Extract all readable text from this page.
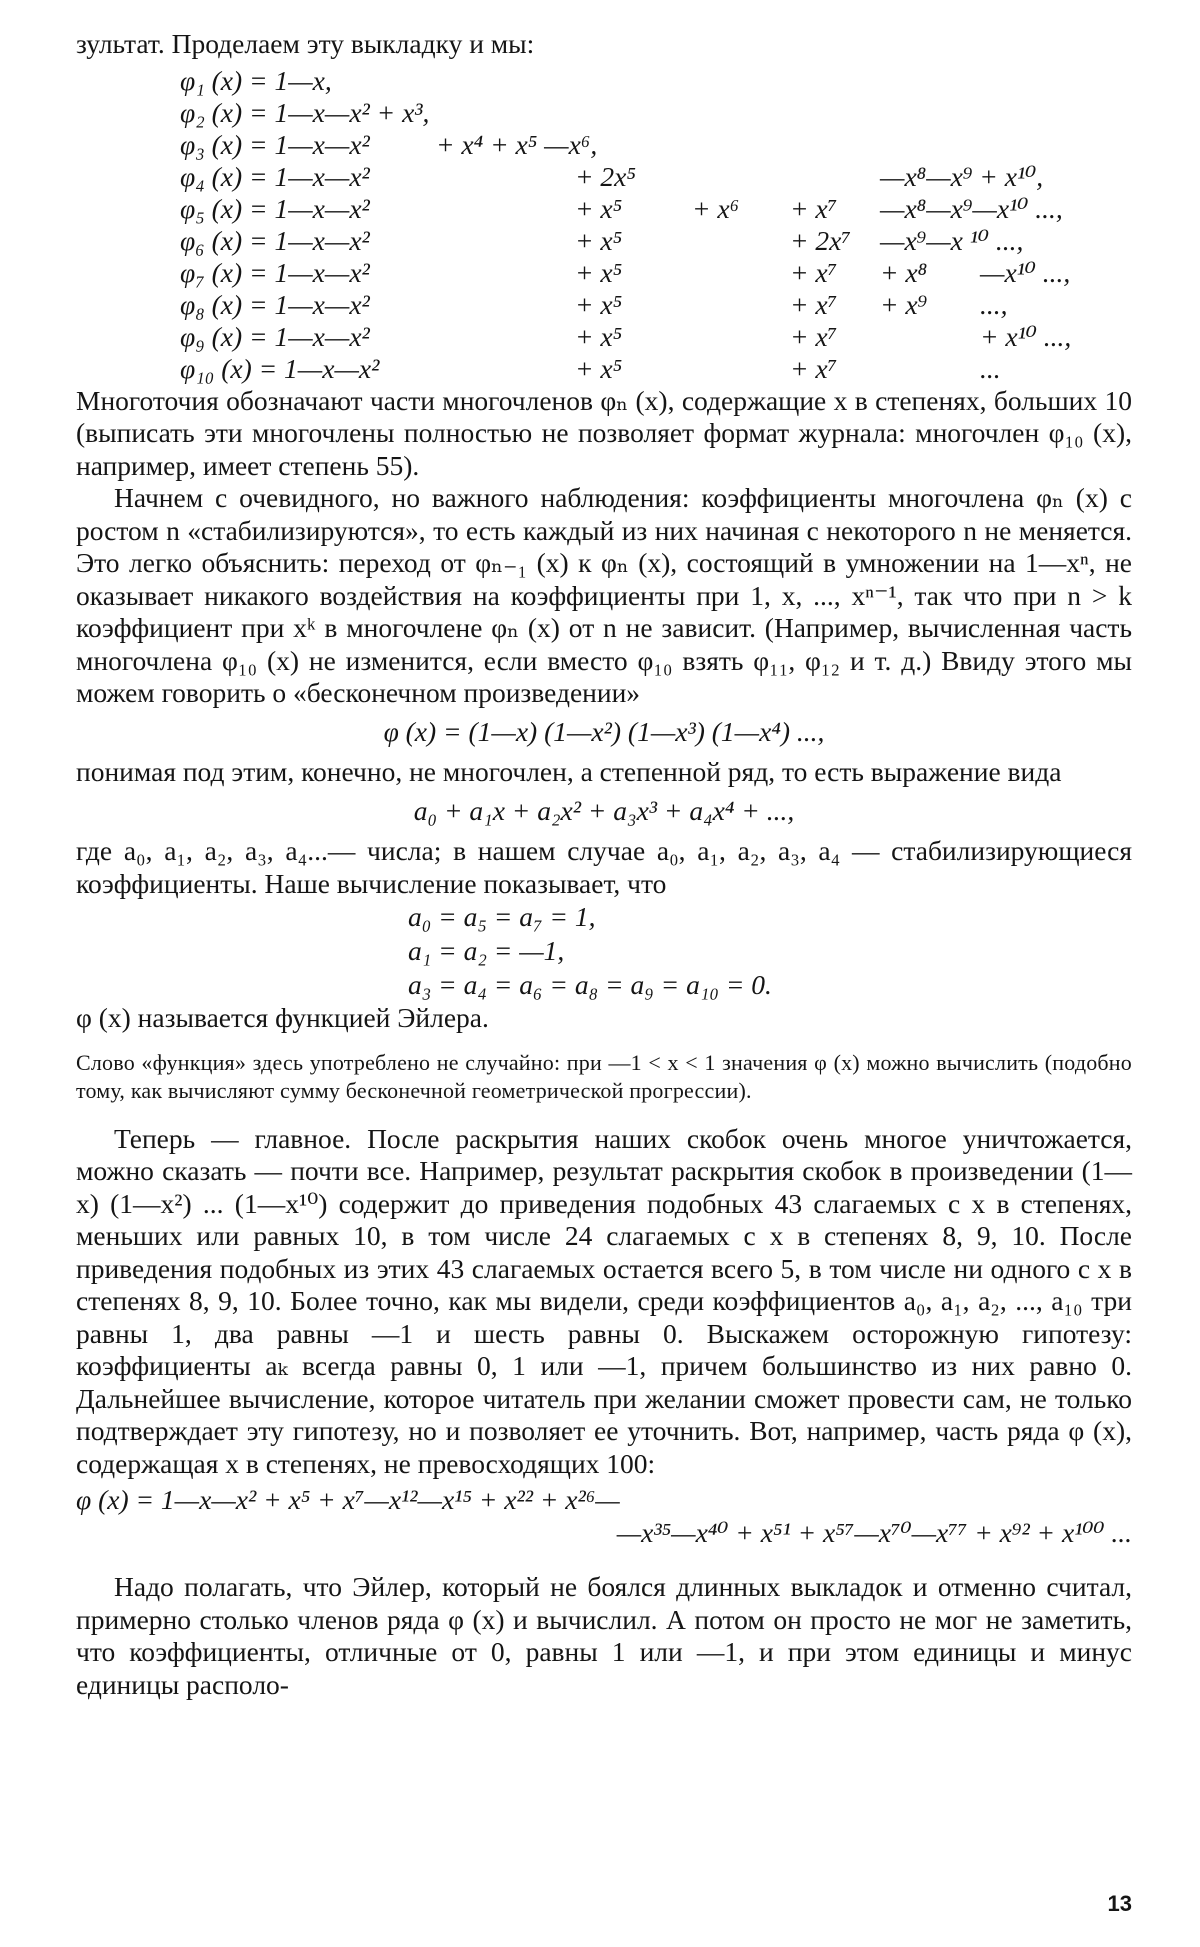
зультат. Проделаем эту выкладку и мы:

φ₁ (x) = 1—x,
φ₂ (x) = 1—x—x² + x³,
φ₃ (x) = 1—x—x² + x⁴ + x⁵ —x⁶,
φ₄ (x) = 1—x—x²	+ 2x⁵	—x⁸—x⁹ + x¹⁰,
φ₅ (x) = 1—x—x²	+ x⁵	+ x⁶ + x⁷ —x⁸—x⁹—x¹⁰ ...,
φ₆ (x) = 1—x—x²	+ x⁵	+ 2x⁷ —x⁹—x ¹⁰ ...,
φ₇ (x) = 1—x—x²	+ x⁵	+ x⁷ + x⁸ —x¹⁰ ...,
φ₈ (x) = 1—x—x²	+ x⁵	+ x⁷ + x⁹ ...,
φ₉ (x) = 1—x—x²	+ x⁵	+ x⁷	+ x¹⁰ ...,
φ₁₀ (x) = 1—x—x²	+ x⁵	+ x⁷	...

Многоточия обозначают части многочленов φₙ (x), содержащие x в степенях, больших 10 (выписать эти многочлены полностью не позволяет формат журнала: многочлен φ₁₀ (x), например, имеет степень 55).

Начнем с очевидного, но важного наблюдения: коэффициенты многочлена φₙ (x) с ростом n «стабилизируются», то есть каждый из них начиная с некоторого n не меняется. Это легко объяснить: переход от φₙ₋₁ (x) к φₙ (x), состоящий в умножении на 1—xⁿ, не оказывает никакого воздействия на коэффициенты при 1, x, ..., xⁿ⁻¹, так что при n > k коэффициент при xᵏ в многочлене φₙ (x) от n не зависит. (Например, вычисленная часть многочлена φ₁₀ (x) не изменится, если вместо φ₁₀ взять φ₁₁, φ₁₂ и т. д.) Ввиду этого мы можем говорить о «бесконечном произведении»

φ (x) = (1—x) (1—x²) (1—x³) (1—x⁴) ...,

понимая под этим, конечно, не многочлен, а степенной ряд, то есть выражение вида

a₀ + a₁x + a₂x² + a₃x³ + a₄x⁴ + ...,

где a₀, a₁, a₂, a₃, a₄...— числа; в нашем случае a₀, a₁, a₂, a₃, a₄ — стабилизирующиеся коэффициенты. Наше вычисление показывает, что

a₀ = a₅ = a₇ = 1,
a₁ = a₂ = —1,
a₃ = a₄ = a₆ = a₈ = a₉ = a₁₀ = 0.

φ (x) называется функцией Эйлера.

Слово «функция» здесь употреблено не случайно: при —1 < x < 1 значения φ (x) можно вычислить (подобно тому, как вычисляют сумму бесконечной геометрической прогрессии).

Теперь — главное. После раскрытия наших скобок очень многое уничтожается, можно сказать — почти все. Например, результат раскрытия скобок в произведении (1—x) (1—x²) ... (1—x¹⁰) содержит до приведения подобных 43 слагаемых с x в степенях, меньших или равных 10, в том числе 24 слагаемых с x в степенях 8, 9, 10. После приведения подобных из этих 43 слагаемых остается всего 5, в том числе ни одного с x в степенях 8, 9, 10. Более точно, как мы видели, среди коэффициентов a₀, a₁, a₂, ..., a₁₀ три равны 1, два равны —1 и шесть равны 0. Выскажем осторожную гипотезу: коэффициенты aₖ всегда равны 0, 1 или —1, причем большинство из них равно 0. Дальнейшее вычисление, которое читатель при желании сможет провести сам, не только подтверждает эту гипотезу, но и позволяет ее уточнить. Вот, например, часть ряда φ (x), содержащая x в степенях, не превосходящих 100:

φ (x) = 1—x—x² + x⁵ + x⁷—x¹²—x¹⁵ + x²² + x²⁶—
—x³⁵—x⁴⁰ + x⁵¹ + x⁵⁷—x⁷⁰—x⁷⁷ + x⁹² + x¹⁰⁰ ...

Надо полагать, что Эйлер, который не боялся длинных выкладок и отменно считал, примерно столько членов ряда φ (x) и вычислил. А потом он просто не мог не заметить, что коэффициенты, отличные от 0, равны 1 или —1, и при этом единицы и минус единицы располо-

13
